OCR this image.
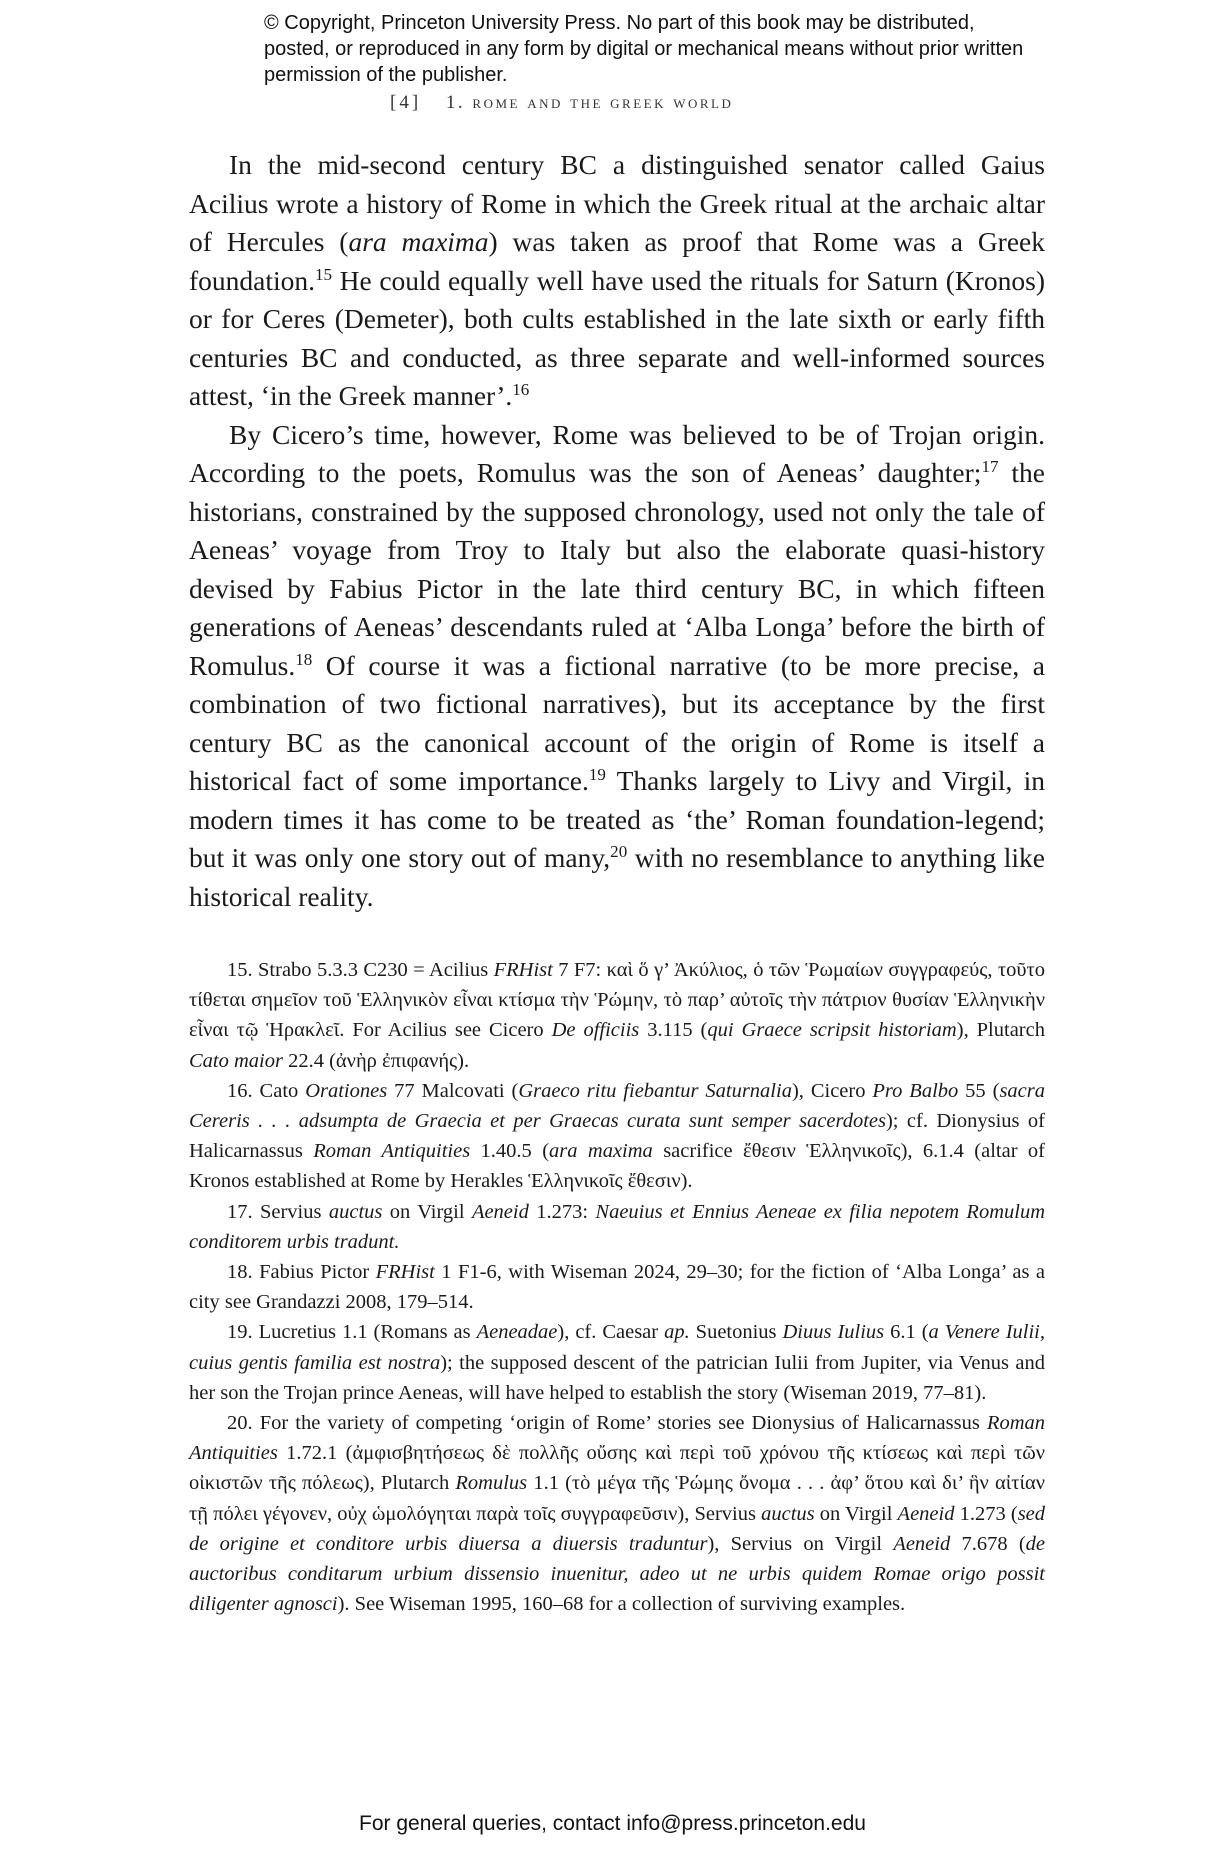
© Copyright, Princeton University Press. No part of this book may be distributed, posted, or reproduced in any form by digital or mechanical means without prior written permission of the publisher.
[4] 1. rome and the greek world

In the mid-second century BC a distinguished senator called Gaius Acilius wrote a history of Rome in which the Greek ritual at the archaic altar of Hercules (ara maxima) was taken as proof that Rome was a Greek foundation.$^{15}$ He could equally well have used the rituals for Saturn (Kronos) or for Ceres (Demeter), both cults established in the late sixth or early fifth centuries BC and conducted, as three separate and well-informed sources attest, ‘in the Greek manner’.$^{16}$

By Cicero’s time, however, Rome was believed to be of Trojan origin. According to the poets, Romulus was the son of Aeneas’ daughter;$^{17}$ the historians, constrained by the supposed chronology, used not only the tale of Aeneas’ voyage from Troy to Italy but also the elaborate quasi-history devised by Fabius Pictor in the late third century BC, in which fifteen generations of Aeneas’ descendants ruled at ‘Alba Longa’ before the birth of Romulus.$^{18}$ Of course it was a fictional narrative (to be more precise, a combination of two fictional narratives), but its acceptance by the first century BC as the canonical account of the origin of Rome is itself a historical fact of some importance.$^{19}$ Thanks largely to Livy and Virgil, in modern times it has come to be treated as ‘the’ Roman foundation-legend; but it was only one story out of many,$^{20}$ with no resemblance to anything like historical reality.

15. Strabo 5.3.3 C230 = Acilius FRHist 7 F7: καὶ ὅ γ’ Ἀκύλιος, ὁ τῶν Ῥωμαίων συγγραφεύς, τοῦτο τίθεται σημεῖον τοῦ Ἑλληνικὸν εἶναι κτίσμα τὴν Ῥώμην, τὸ παρ’ αὐτοῖς τὴν πάτριον θυσίαν Ἑλληνικὴν εἶναι τῷ Ἡρακλεῖ. For Acilius see Cicero De officiis 3.115 (qui Graece scripsit historiam), Plutarch Cato maior 22.4 (ἀνὴρ ἐπιφανής).

16. Cato Orationes 77 Malcovati (Graeco ritu fiebantur Saturnalia), Cicero Pro Balbo 55 (sacra Cereris . . . adsumpta de Graecia et per Graecas curata sunt semper sacerdotes); cf. Dionysius of Halicarnassus Roman Antiquities 1.40.5 (ara maxima sacrifice ἔθεσιν Ἑλληνικοῖς), 6.1.4 (altar of Kronos established at Rome by Herakles Ἑλληνικοῖς ἔθεσιν).

17. Servius auctus on Virgil Aeneid 1.273: Naeuius et Ennius Aeneae ex filia nepotem Romulum conditorem urbis tradunt.

18. Fabius Pictor FRHist 1 F1-6, with Wiseman 2024, 29–30; for the fiction of ‘Alba Longa’ as a city see Grandazzi 2008, 179–514.

19. Lucretius 1.1 (Romans as Aeneadae), cf. Caesar ap. Suetonius Diuus Iulius 6.1 (a Venere Iulii, cuius gentis familia est nostra); the supposed descent of the patrician Iulii from Jupiter, via Venus and her son the Trojan prince Aeneas, will have helped to establish the story (Wiseman 2019, 77–81).

20. For the variety of competing ‘origin of Rome’ stories see Dionysius of Halicarnassus Roman Antiquities 1.72.1 (ἀμφισβητήσεως δὲ πολλῆς οὔσης καὶ περὶ τοῦ χρόνου τῆς κτίσεως καὶ περὶ τῶν οἰκιστῶν τῆς πόλεως), Plutarch Romulus 1.1 (τὸ μέγα τῆς Ῥώμης ὄνομα . . . ἀφ’ ὅτου καὶ δι’ ἣν αἰτίαν τῇ πόλει γέγονεν, οὐχ ὡμολόγηται παρὰ τοῖς συγγραφεῦσιν), Servius auctus on Virgil Aeneid 1.273 (sed de origine et conditore urbis diuersa a diuersis traduntur), Servius on Virgil Aeneid 7.678 (de auctoribus conditarum urbium dissensio inuenitur, adeo ut ne urbis quidem Romae origo possit diligenter agnosci). See Wiseman 1995, 160–68 for a collection of surviving examples.

For general queries, contact info@press.princeton.edu
